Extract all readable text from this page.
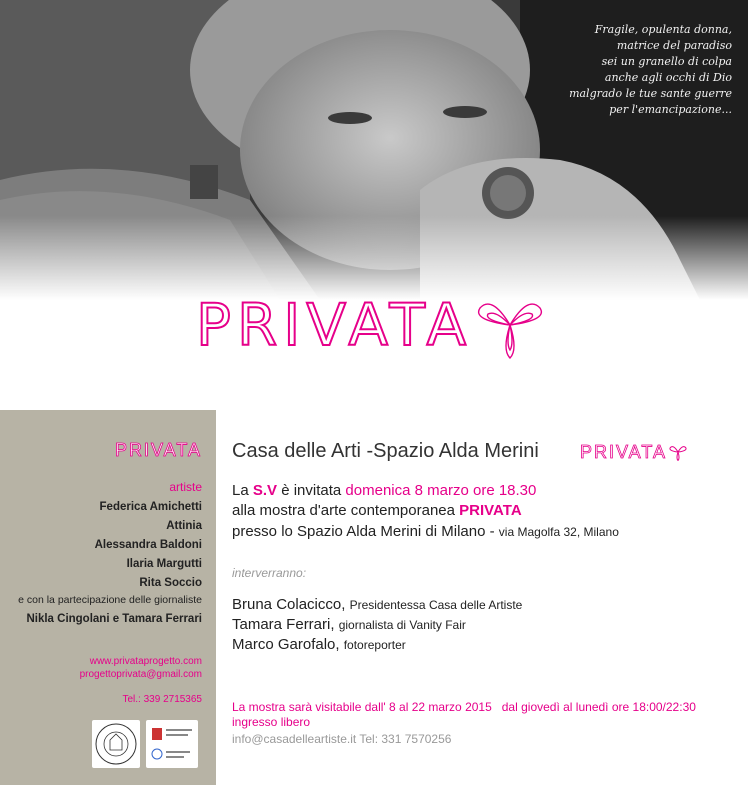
Fragile, opulenta donna,
matrice del paradiso
sei un granello di colpa
anche agli occhi di Dio
malgrado le tue sante guerre
per l'emancipazione...
PRIVATA
PRIVATA
artiste
Federica Amichetti
Attinia
Alessandra Baldoni
Ilaria Margutti
Rita Soccio
e con la partecipazione delle giornaliste
Nikla Cingolani e Tamara Ferrari
www.privataprogetto.com
progettoprivata@gmail.com
Tel.: 339 2715365
Casa delle Arti -Spazio Alda Merini PRIVATA
La S.V è invitata domenica 8 marzo ore 18.30
alla mostra d'arte contemporanea PRIVATA
presso lo Spazio Alda Merini di Milano - via Magolfa 32, Milano
interverranno:
Bruna Colacicco, Presidentessa Casa delle Artiste
Tamara Ferrari, giornalista di Vanity Fair
Marco Garofalo, fotoreporter
La mostra sarà visitabile dall' 8 al 22 marzo 2015   dal giovedì al lunedì ore 18:00/22:30
ingresso libero
info@casadelleartiste.it Tel: 331 7570256
